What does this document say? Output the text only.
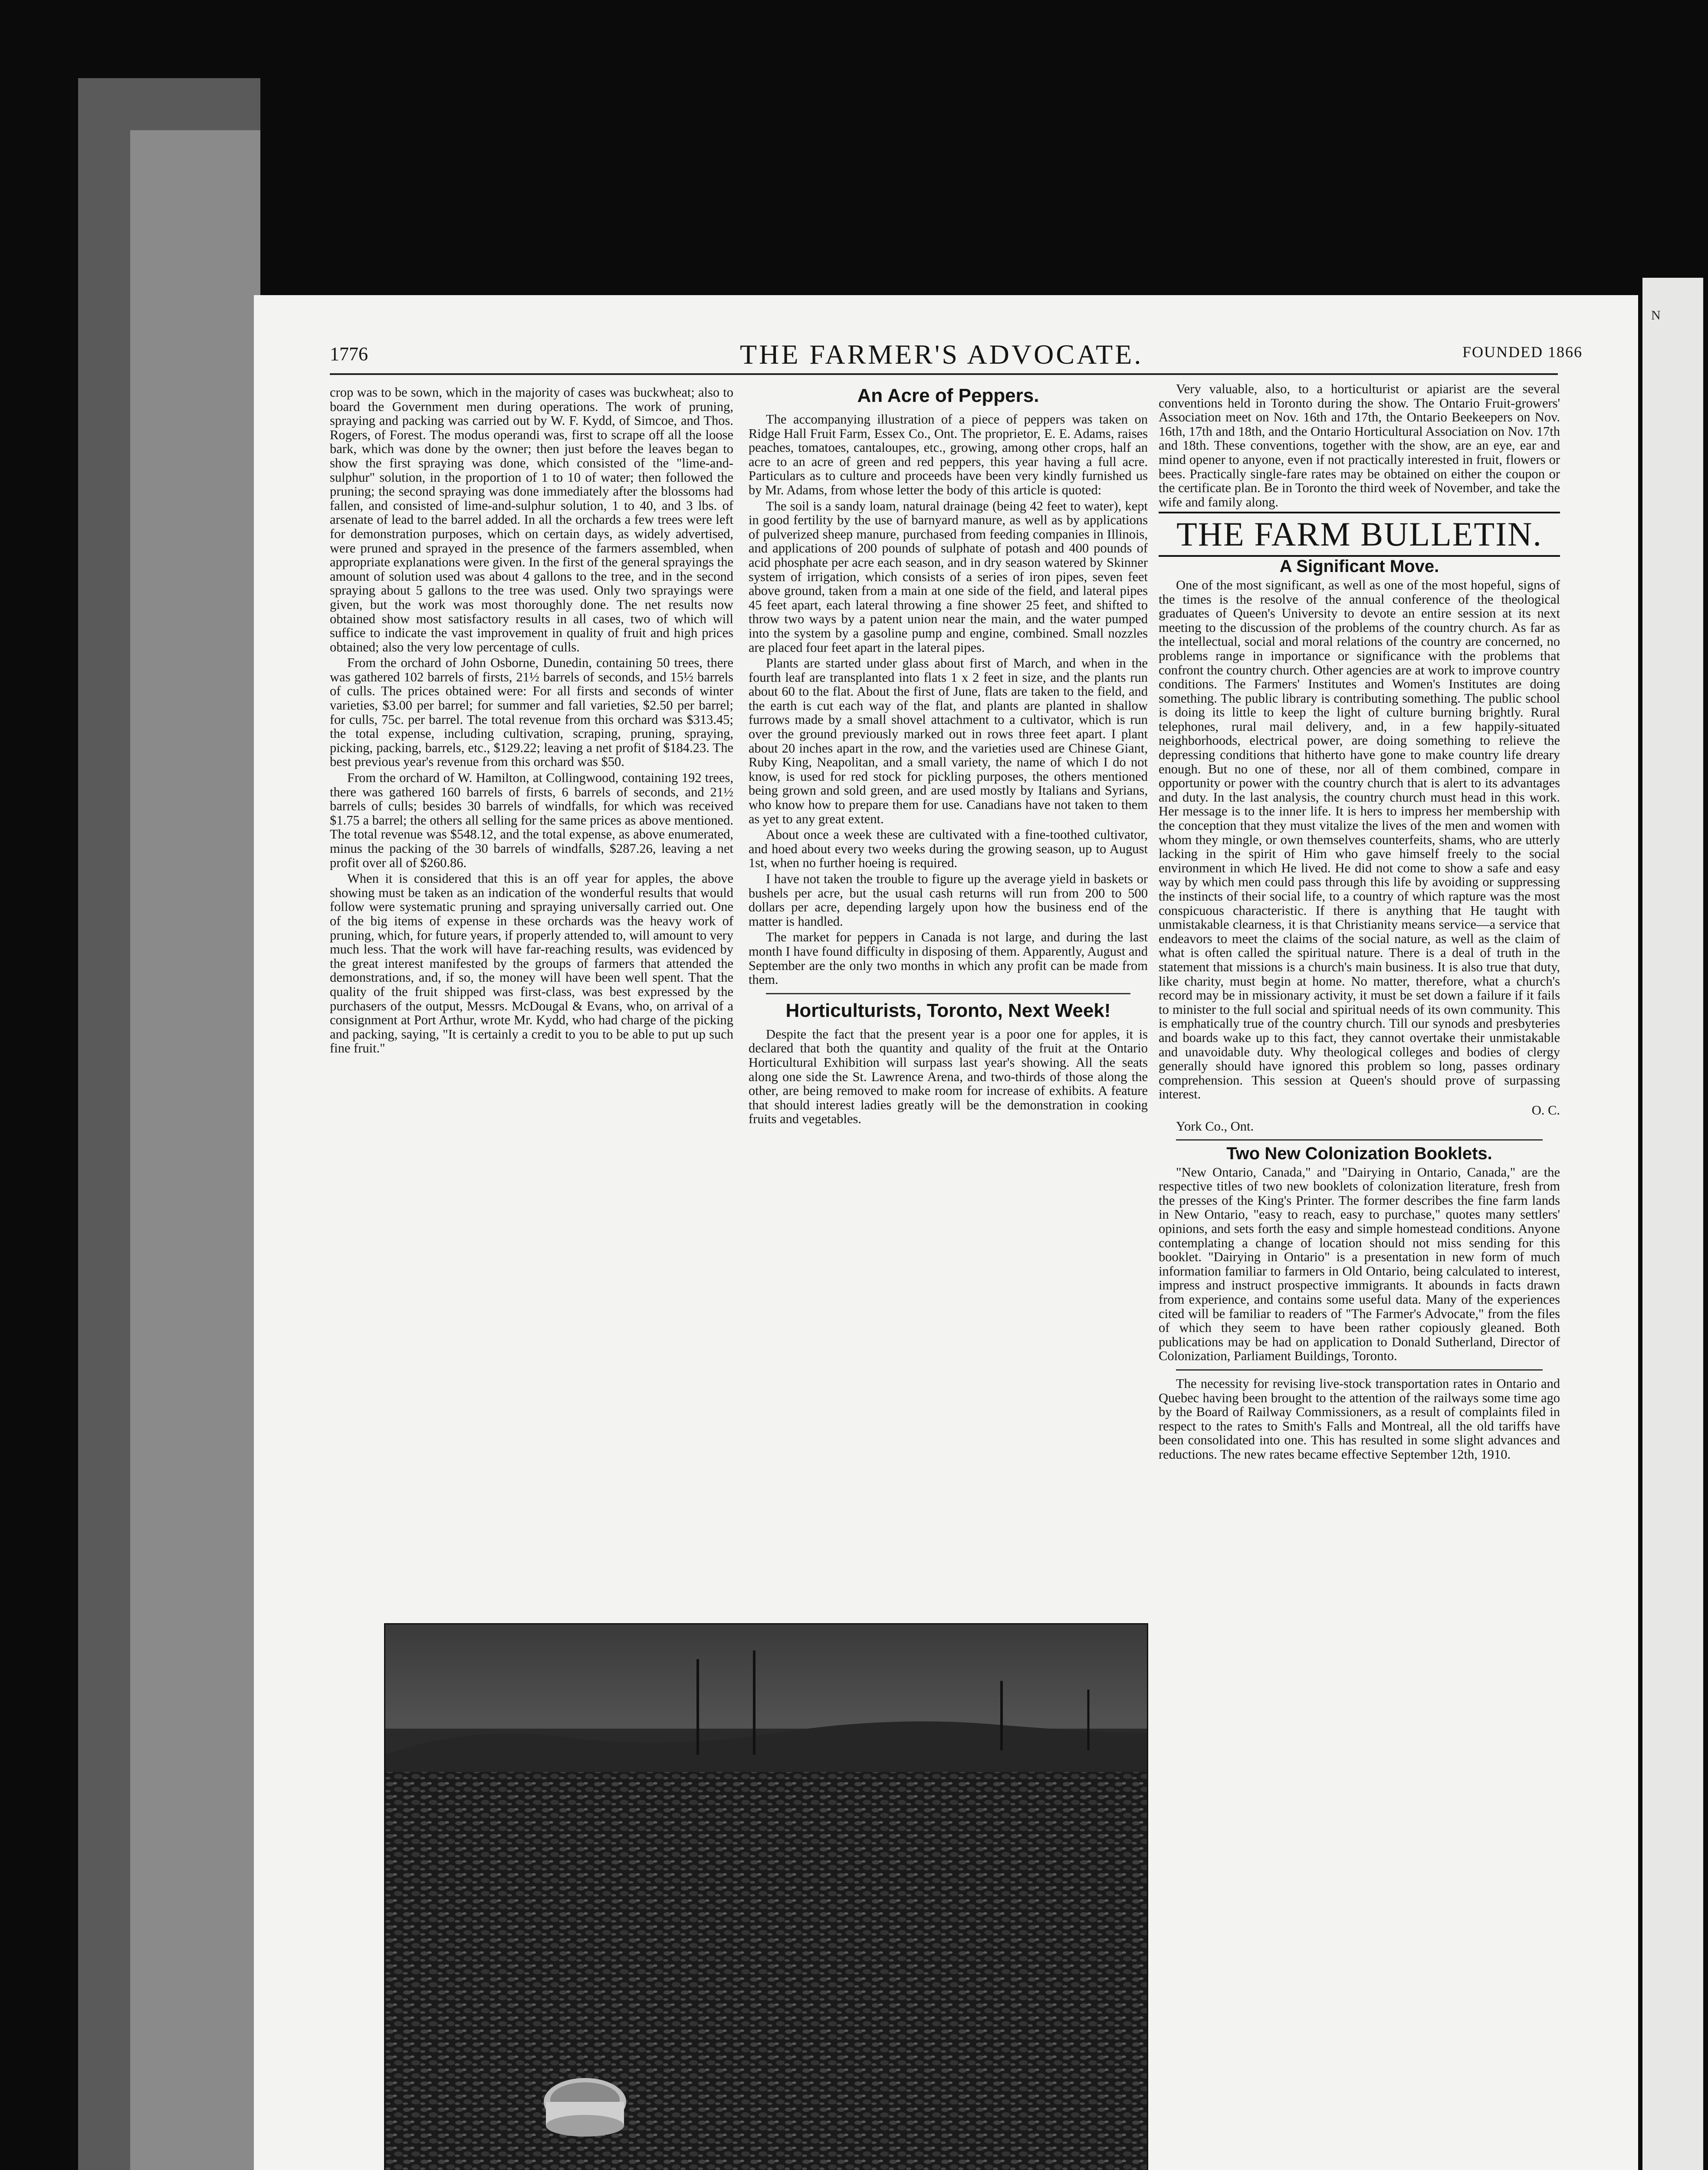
N
1776	THE FARMER'S ADVOCATE.	FOUNDED 1866

crop was to be sown, which in the majority of cases was buckwheat; also to board the Government men during operations. The work of pruning, spraying and packing was carried out by W. F. Kydd, of Simcoe, and Thos. Rogers, of Forest. The modus operandi was, first to scrape off all the loose bark, which was done by the owner; then just before the leaves began to show the first spraying was done, which consisted of the "lime-and-sulphur" solution, in the proportion of 1 to 10 of water; then followed the pruning; the second spraying was done immediately after the blossoms had fallen, and consisted of lime-and-sulphur solution, 1 to 40, and 3 lbs. of arsenate of lead to the barrel added. In all the orchards a few trees were left for demonstration purposes, which on certain days, as widely advertised, were pruned and sprayed in the presence of the farmers assembled, when appropriate explanations were given. In the first of the general sprayings the amount of solution used was about 4 gallons to the tree, and in the second spraying about 5 gallons to the tree was used. Only two sprayings were given, but the work was most thoroughly done. The net results now obtained show most satisfactory results in all cases, two of which will suffice to indicate the vast improvement in quality of fruit and high prices obtained; also the very low percentage of culls.

From the orchard of John Osborne, Dunedin, containing 50 trees, there was gathered 102 barrels of firsts, 21½ barrels of seconds, and 15½ barrels of culls. The prices obtained were: For all firsts and seconds of winter varieties, $3.00 per barrel; for summer and fall varieties, $2.50 per barrel; for culls, 75c. per barrel. The total revenue from this orchard was $313.45; the total expense, including cultivation, scraping, pruning, spraying, picking, packing, barrels, etc., $129.22; leaving a net profit of $184.23. The best previous year's revenue from this orchard was $50.

From the orchard of W. Hamilton, at Collingwood, containing 192 trees, there was gathered 160 barrels of firsts, 6 barrels of seconds, and 21½ barrels of culls; besides 30 barrels of windfalls, for which was received $1.75 a barrel; the others all selling for the same prices as above mentioned. The total revenue was $548.12, and the total expense, as above enumerated, minus the packing of the 30 barrels of windfalls, $287.26, leaving a net profit over all of $260.86.

When it is considered that this is an off year for apples, the above showing must be taken as an indication of the wonderful results that would follow were systematic pruning and spraying universally carried out. One of the big items of expense in these orchards was the heavy work of pruning, which, for future years, if properly attended to, will amount to very much less. That the work will have far-reaching results, was evidenced by the great interest manifested by the groups of farmers that attended the demonstrations, and, if so, the money will have been well spent. That the quality of the fruit shipped was first-class, was best expressed by the purchasers of the output, Messrs. McDougal & Evans, who, on arrival of a consignment at Port Arthur, wrote Mr. Kydd, who had charge of the picking and packing, saying, "It is certainly a credit to you to be able to put up such fine fruit."

An Acre of Peppers.

The accompanying illustration of a piece of peppers was taken on Ridge Hall Fruit Farm, Essex Co., Ont. The proprietor, E. E. Adams, raises peaches, tomatoes, cantaloupes, etc., growing, among other crops, half an acre to an acre of green and red peppers, this year having a full acre. Particulars as to culture and proceeds have been very kindly furnished us by Mr. Adams, from whose letter the body of this article is quoted:

The soil is a sandy loam, natural drainage (being 42 feet to water), kept in good fertility by the use of barnyard manure, as well as by applications of pulverized sheep manure, purchased from feeding companies in Illinois, and applications of 200 pounds of sulphate of potash and 400 pounds of acid phosphate per acre each season, and in dry season watered by Skinner system of irrigation, which consists of a series of iron pipes, seven feet above ground, taken from a main at one side of the field, and lateral pipes 45 feet apart, each lateral throwing a fine shower 25 feet, and shifted to throw two ways by a patent union near the main, and the water pumped into the system by a gasoline pump and engine, combined. Small nozzles are placed four feet apart in the lateral pipes.

Plants are started under glass about first of March, and when in the fourth leaf are transplanted into flats 1 x 2 feet in size, and the plants run about 60 to the flat. About the first of June, flats are taken to the field, and the earth is cut each way of the flat, and plants are planted in shallow furrows made by a small shovel attachment to a cultivator, which is run over the ground previously marked out in rows three feet apart. I plant about 20 inches apart in the row, and the varieties used are Chinese Giant, Ruby King, Neapolitan, and a small variety, the name of which I do not know, is used for red stock for pickling purposes, the others mentioned being grown and sold green, and are used mostly by Italians and Syrians, who know how to prepare them for use. Canadians have not taken to them as yet to any great extent.

About once a week these are cultivated with a fine-toothed cultivator, and hoed about every two weeks during the growing season, up to August 1st, when no further hoeing is required.

I have not taken the trouble to figure up the average yield in baskets or bushels per acre, but the usual cash returns will run from 200 to 500 dollars per acre, depending largely upon how the business end of the matter is handled.

The market for peppers in Canada is not large, and during the last month I have found difficulty in disposing of them. Apparently, August and September are the only two months in which any profit can be made from them.

Horticulturists, Toronto, Next Week!

Despite the fact that the present year is a poor one for apples, it is declared that both the quantity and quality of the fruit at the Ontario Horticultural Exhibition will surpass last year's showing. All the seats along one side the St. Lawrence Arena, and two-thirds of those along the other, are being removed to make room for increase of exhibits. A feature that should interest ladies greatly will be the demonstration in cooking fruits and vegetables.

Very valuable, also, to a horticulturist or apiarist are the several conventions held in Toronto during the show. The Ontario Fruit-growers' Association meet on Nov. 16th and 17th, the Ontario Beekeepers on Nov. 16th, 17th and 18th, and the Ontario Horticultural Association on Nov. 17th and 18th. These conventions, together with the show, are an eye, ear and mind opener to anyone, even if not practically interested in fruit, flowers or bees. Practically single-fare rates may be obtained on either the coupon or the certificate plan. Be in Toronto the third week of November, and take the wife and family along.

THE FARM BULLETIN.
A Significant Move.

One of the most significant, as well as one of the most hopeful, signs of the times is the resolve of the annual conference of the theological graduates of Queen's University to devote an entire session at its next meeting to the discussion of the problems of the country church. As far as the intellectual, social and moral relations of the country are concerned, no problems range in importance or significance with the problems that confront the country church. Other agencies are at work to improve country conditions. The Farmers' Institutes and Women's Institutes are doing something. The public library is contributing something. The public school is doing its little to keep the light of culture burning brightly. Rural telephones, rural mail delivery, and, in a few happily-situated neighborhoods, electrical power, are doing something to relieve the depressing conditions that hitherto have gone to make country life dreary enough. But no one of these, nor all of them combined, compare in opportunity or power with the country church that is alert to its advantages and duty. In the last analysis, the country church must head in this work. Her message is to the inner life. It is hers to impress her membership with the conception that they must vitalize the lives of the men and women with whom they mingle, or own themselves counterfeits, shams, who are utterly lacking in the spirit of Him who gave himself freely to the social environment in which He lived. He did not come to show a safe and easy way by which men could pass through this life by avoiding or suppressing the instincts of their social life, to a country of which rapture was the most conspicuous characteristic. If there is anything that He taught with unmistakable clearness, it is that Christianity means service—a service that endeavors to meet the claims of the social nature, as well as the claim of what is often called the spiritual nature. There is a deal of truth in the statement that missions is a church's main business. It is also true that duty, like charity, must begin at home. No matter, therefore, what a church's record may be in missionary activity, it must be set down a failure if it fails to minister to the full social and spiritual needs of its own community. This is emphatically true of the country church. Till our synods and presbyteries and boards wake up to this fact, they cannot overtake their unmistakable and unavoidable duty. Why theological colleges and bodies of clergy generally should have ignored this problem so long, passes ordinary comprehension. This session at Queen's should prove of surpassing interest.

O. C.

York Co., Ont.

Two New Colonization Booklets.

"New Ontario, Canada," and "Dairying in Ontario, Canada," are the respective titles of two new booklets of colonization literature, fresh from the presses of the King's Printer. The former describes the fine farm lands in New Ontario, "easy to reach, easy to purchase," quotes many settlers' opinions, and sets forth the easy and simple homestead conditions. Anyone contemplating a change of location should not miss sending for this booklet. "Dairying in Ontario" is a presentation in new form of much information familiar to farmers in Old Ontario, being calculated to interest, impress and instruct prospective immigrants. It abounds in facts drawn from experience, and contains some useful data. Many of the experiences cited will be familiar to readers of "The Farmer's Advocate," from the files of which they seem to have been rather copiously gleaned. Both publications may be had on application to Donald Sutherland, Director of Colonization, Parliament Buildings, Toronto.

The necessity for revising live-stock transportation rates in Ontario and Quebec having been brought to the attention of the railways some time ago by the Board of Railway Commissioners, as a result of complaints filed in respect to the rates to Smith's Falls and Montreal, all the old tariffs have been consolidated into one. This has resulted in some slight advances and reductions. The new rates became effective September 12th, 1910.
